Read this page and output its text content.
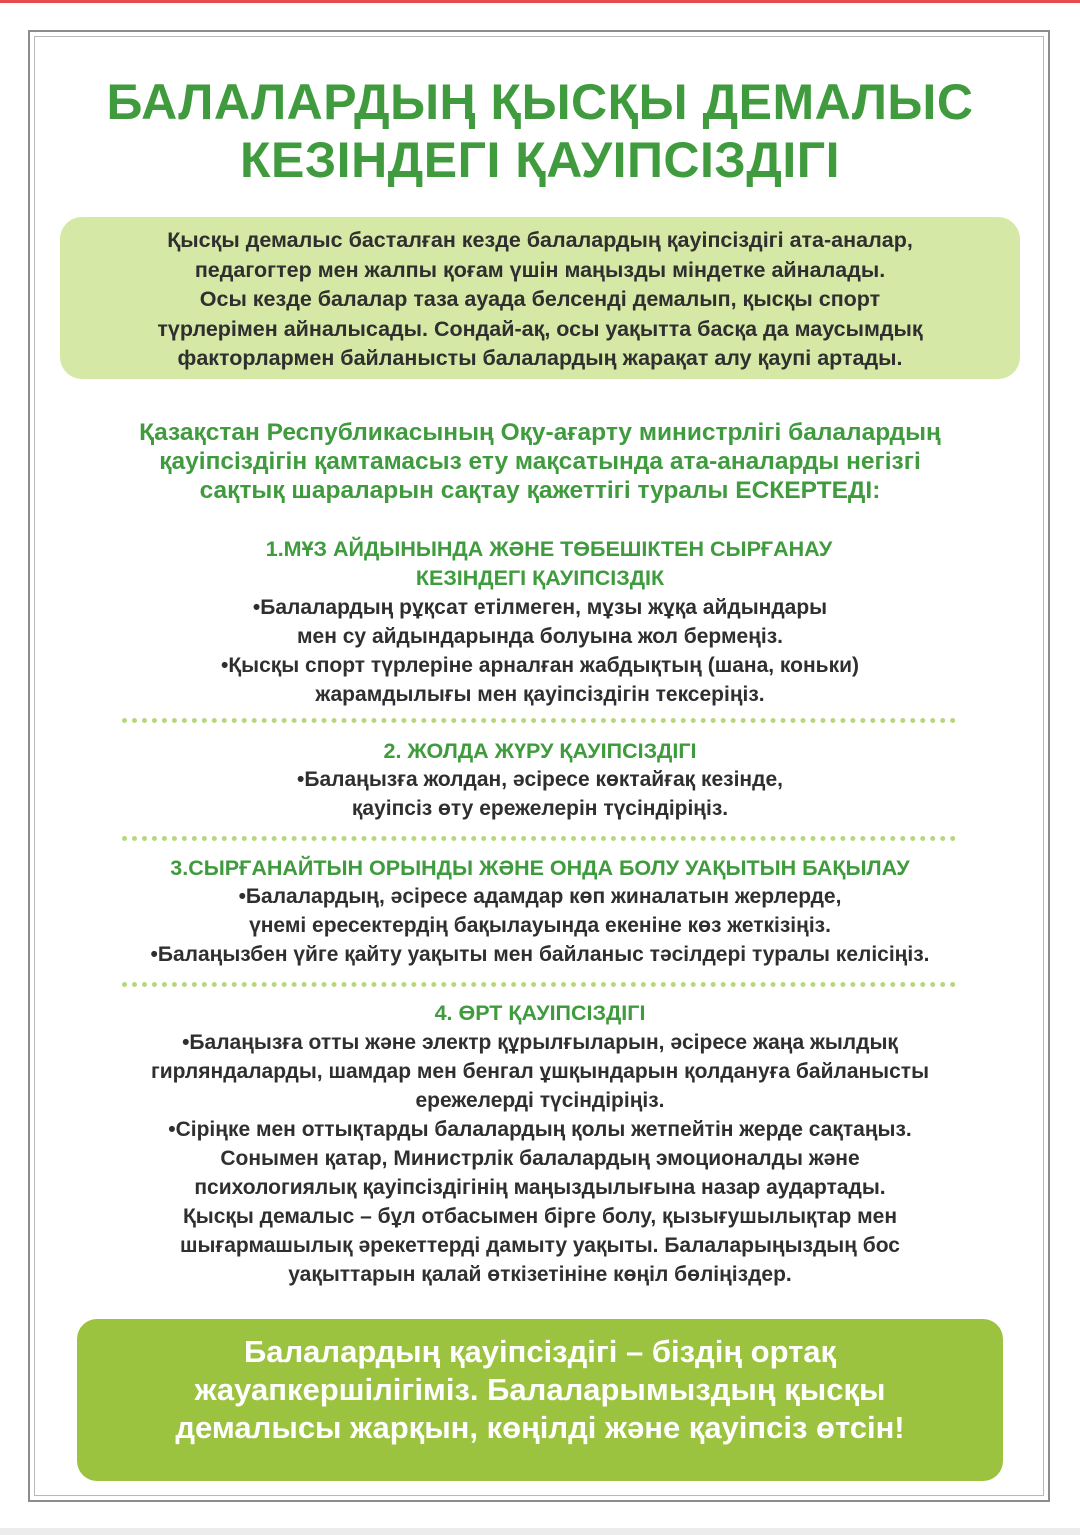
БАЛАЛАРДЫҢ ҚЫСҚЫ ДЕМАЛЫС
КЕЗІНДЕГІ ҚАУІПСІЗДІГІ
Қысқы демалыс басталған кезде балалардың қауіпсіздігі ата-аналар,
педагогтер мен жалпы қоғам үшін маңызды міндетке айналады.
Осы кезде балалар таза ауада белсенді демалып, қысқы спорт
түрлерімен айналысады. Сондай-ақ, осы уақытта басқа да маусымдық
факторлармен байланысты балалардың жарақат алу қаупі артады.
Қазақстан Республикасының Оқу-ағарту министрлігі балалардың
қауіпсіздігін қамтамасыз ету мақсатында ата-аналарды негізгі
сақтық шараларын сақтау қажеттігі туралы ЕСКЕРТЕДІ:
1.МҰЗ АЙДЫНЫНДА ЖӘНЕ ТӨБЕШІКТЕН СЫРҒАНАУ
КЕЗІНДЕГІ ҚАУІПСІЗДІК
•Балалардың рұқсат етілмеген, мұзы жұқа айдындары
мен су айдындарында болуына жол бермеңіз.
•Қысқы спорт түрлеріне арналған жабдықтың (шана, коньки)
жарамдылығы мен қауіпсіздігін тексеріңіз.
2. ЖОЛДА ЖҮРУ ҚАУІПСІЗДІГІ
•Балаңызға жолдан, әсіресе көктайғақ кезінде,
қауіпсіз өту ережелерін түсіндіріңіз.
3.СЫРҒАНАЙТЫН ОРЫНДЫ ЖӘНЕ ОНДА БОЛУ УАҚЫТЫН БАҚЫЛАУ
•Балалардың, әсіресе адамдар көп жиналатын жерлерде,
үнемі ересектердің бақылауында екеніне көз жеткізіңіз.
•Балаңызбен үйге қайту уақыты мен байланыс тәсілдері туралы келісіңіз.
4. ӨРТ ҚАУІПСІЗДІГІ
•Балаңызға отты және электр құрылғыларын, әсіресе жаңа жылдық
гирляндаларды, шамдар мен бенгал ұшқындарын қолдануға байланысты
ережелерді түсіндіріңіз.
•Сіріңке мен оттықтарды балалардың қолы жетпейтін жерде сақтаңыз.
Сонымен қатар, Министрлік балалардың эмоционалды және
психологиялық қауіпсіздігінің маңыздылығына назар аудартады.
Қысқы демалыс – бұл отбасымен бірге болу, қызығушылықтар мен
шығармашылық әрекеттерді дамыту уақыты. Балаларыңыздың бос
уақыттарын қалай өткізетініне көңіл бөліңіздер.
Балалардың қауіпсіздігі – біздің ортақ
жауапкершілігіміз. Балаларымыздың қысқы
демалысы жарқын, көңілді және қауіпсіз өтсін!
